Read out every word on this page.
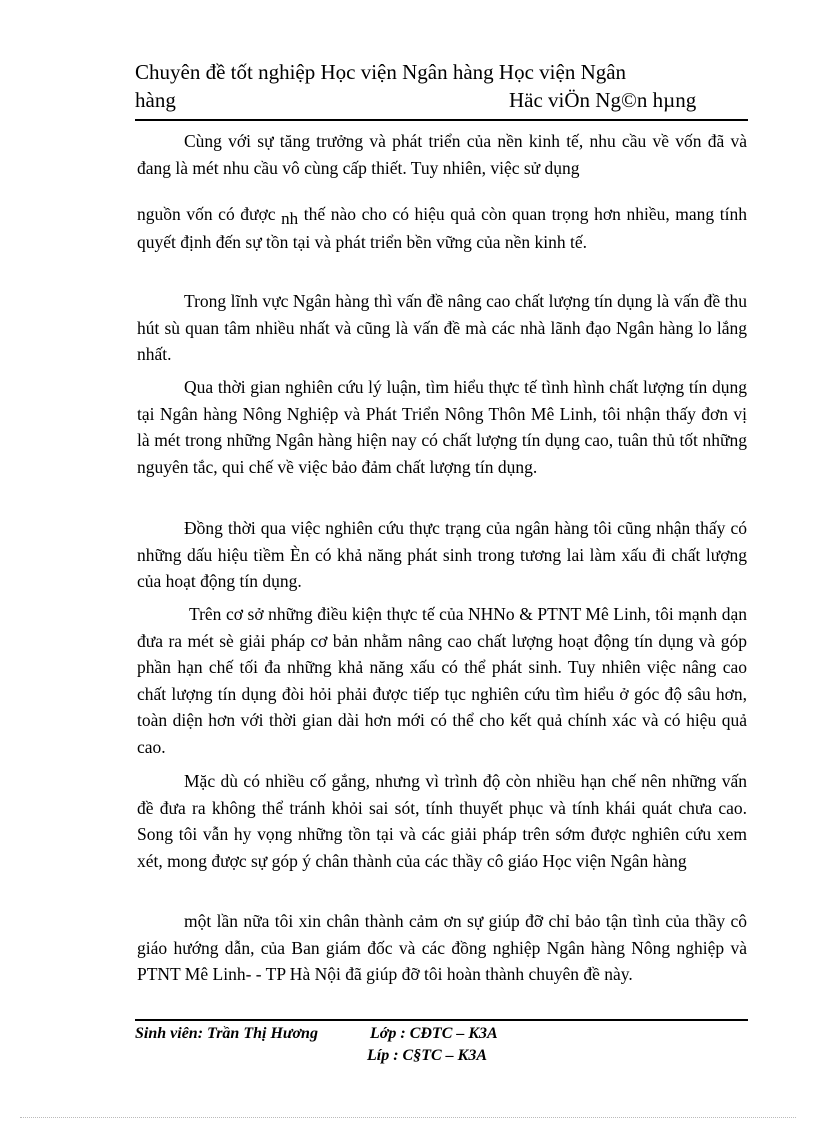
Chuyên đề tốt nghiệp Học viện Ngân hàng Học viện Ngân
hàng	Häc viÖn Ng©n hµng

Cùng với sự tăng trưởng và phát triển của nền kinh tế, nhu cầu về vốn đã và đang là mét nhu cầu vô cùng cấp thiết. Tuy nhiên, việc sử dụng

nguồn vốn có được nh thế nào cho có hiệu quả còn quan trọng hơn nhiều, mang tính quyết định đến sự tồn tại và phát triển bền vững của nền kinh tế.

Trong lĩnh vực Ngân hàng thì vấn đề nâng cao chất lượng tín dụng là vấn đề thu hút sù quan tâm nhiều nhất và cũng là vấn đề mà các nhà lãnh đạo Ngân hàng lo lắng nhất.

Qua thời gian nghiên cứu lý luận, tìm hiểu thực tế tình hình chất lượng tín dụng tại Ngân hàng Nông Nghiệp và Phát Triển Nông Thôn Mê Linh, tôi nhận thấy đơn vị là mét trong những Ngân hàng hiện nay có chất lượng tín dụng cao, tuân thủ tốt những nguyên tắc, qui chế về việc bảo đảm chất lượng tín dụng.

Đồng thời qua việc nghiên cứu thực trạng của ngân hàng tôi cũng nhận thấy có những dấu hiệu tiềm Èn có khả năng phát sinh trong tương lai làm xấu đi chất lượng của hoạt động tín dụng.

Trên cơ sở những điều kiện thực tế của NHNo & PTNT Mê Linh, tôi mạnh dạn đưa ra mét sè giải pháp cơ bản nhằm nâng cao chất lượng hoạt động tín dụng và góp phần hạn chế tối đa những khả năng xấu có thể phát sinh. Tuy nhiên việc nâng cao chất lượng tín dụng đòi hỏi phải được tiếp tục nghiên cứu tìm hiểu ở góc độ sâu hơn, toàn diện hơn với thời gian dài hơn mới có thể cho kết quả chính xác và có hiệu quả cao.

Mặc dù có nhiều cố gắng, nhưng vì trình độ còn nhiều hạn chế nên những vấn đề đưa ra không thể tránh khỏi sai sót, tính thuyết phục và tính khái quát chưa cao. Song tôi vẫn hy vọng những tồn tại và các giải pháp trên sớm được nghiên cứu xem xét, mong được sự góp ý chân thành của các thầy cô giáo Học viện Ngân hàng

một lần nữa tôi xin chân thành cảm ơn sự giúp đỡ chỉ bảo tận tình của thầy cô giáo hướng dẫn, của Ban giám đốc và các đồng nghiệp Ngân hàng Nông nghiệp và PTNT Mê Linh- - TP Hà Nội đã giúp đỡ tôi hoàn thành chuyên đề này.

Sinh viên: Trần Thị Hương	Lớp : CĐTC – K3A
Líp : C§TC – K3A
